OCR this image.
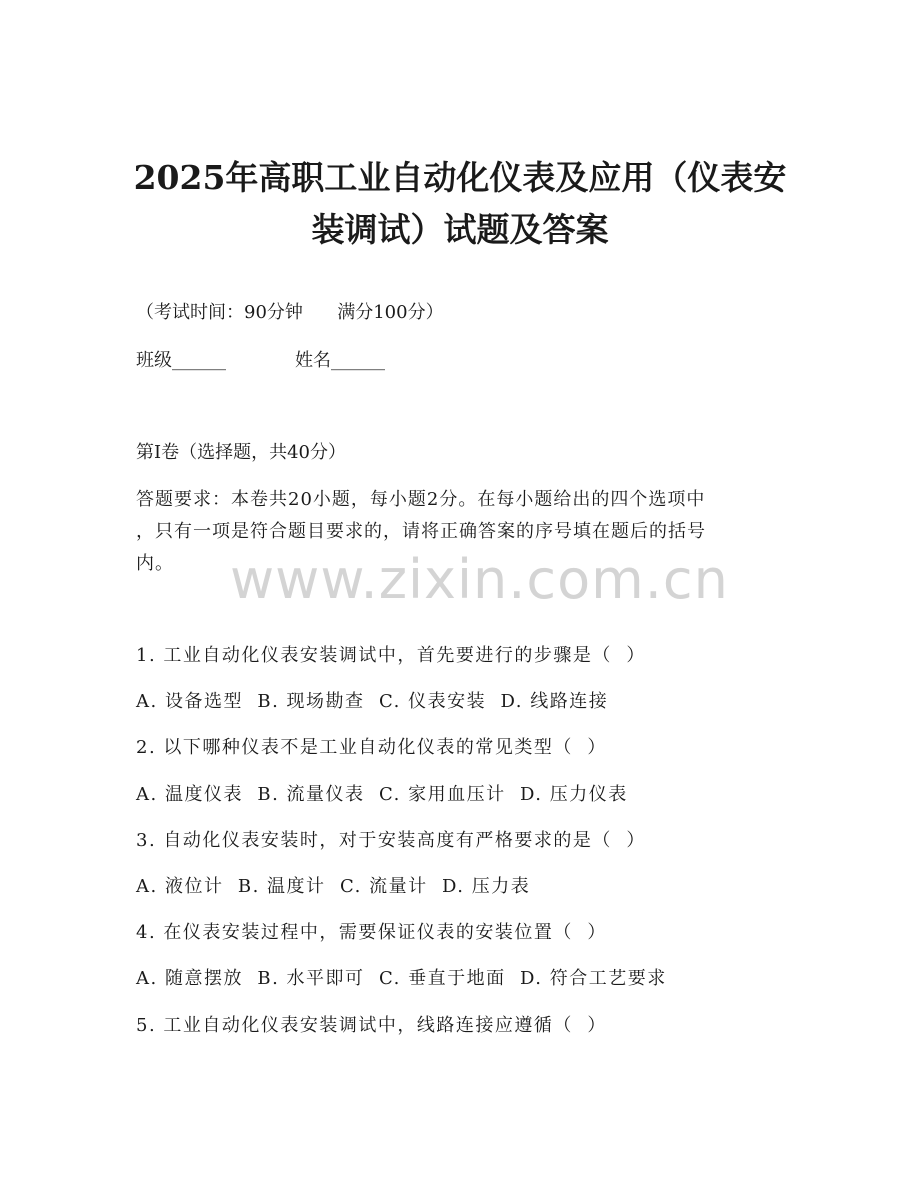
2025年高职工业自动化仪表及应用（仪表安
装调试）试题及答案
（考试时间：90分钟      满分100分）
班级______	姓名______
第I卷（选择题，共40分）
答题要求：本卷共20小题，每小题2分。在每小题给出的四个选项中
，只有一项是符合题目要求的，请将正确答案的序号填在题后的括号
内。	www.zixin.com.cn
1. 工业自动化仪表安装调试中，首先要进行的步骤是（  ）
A. 设备选型  B. 现场勘查  C. 仪表安装  D. 线路连接
2. 以下哪种仪表不是工业自动化仪表的常见类型（  ）
A. 温度仪表  B. 流量仪表  C. 家用血压计  D. 压力仪表
3. 自动化仪表安装时，对于安装高度有严格要求的是（  ）
A. 液位计  B. 温度计  C. 流量计  D. 压力表
4. 在仪表安装过程中，需要保证仪表的安装位置（  ）
A. 随意摆放  B. 水平即可  C. 垂直于地面  D. 符合工艺要求
5. 工业自动化仪表安装调试中，线路连接应遵循（  ）
